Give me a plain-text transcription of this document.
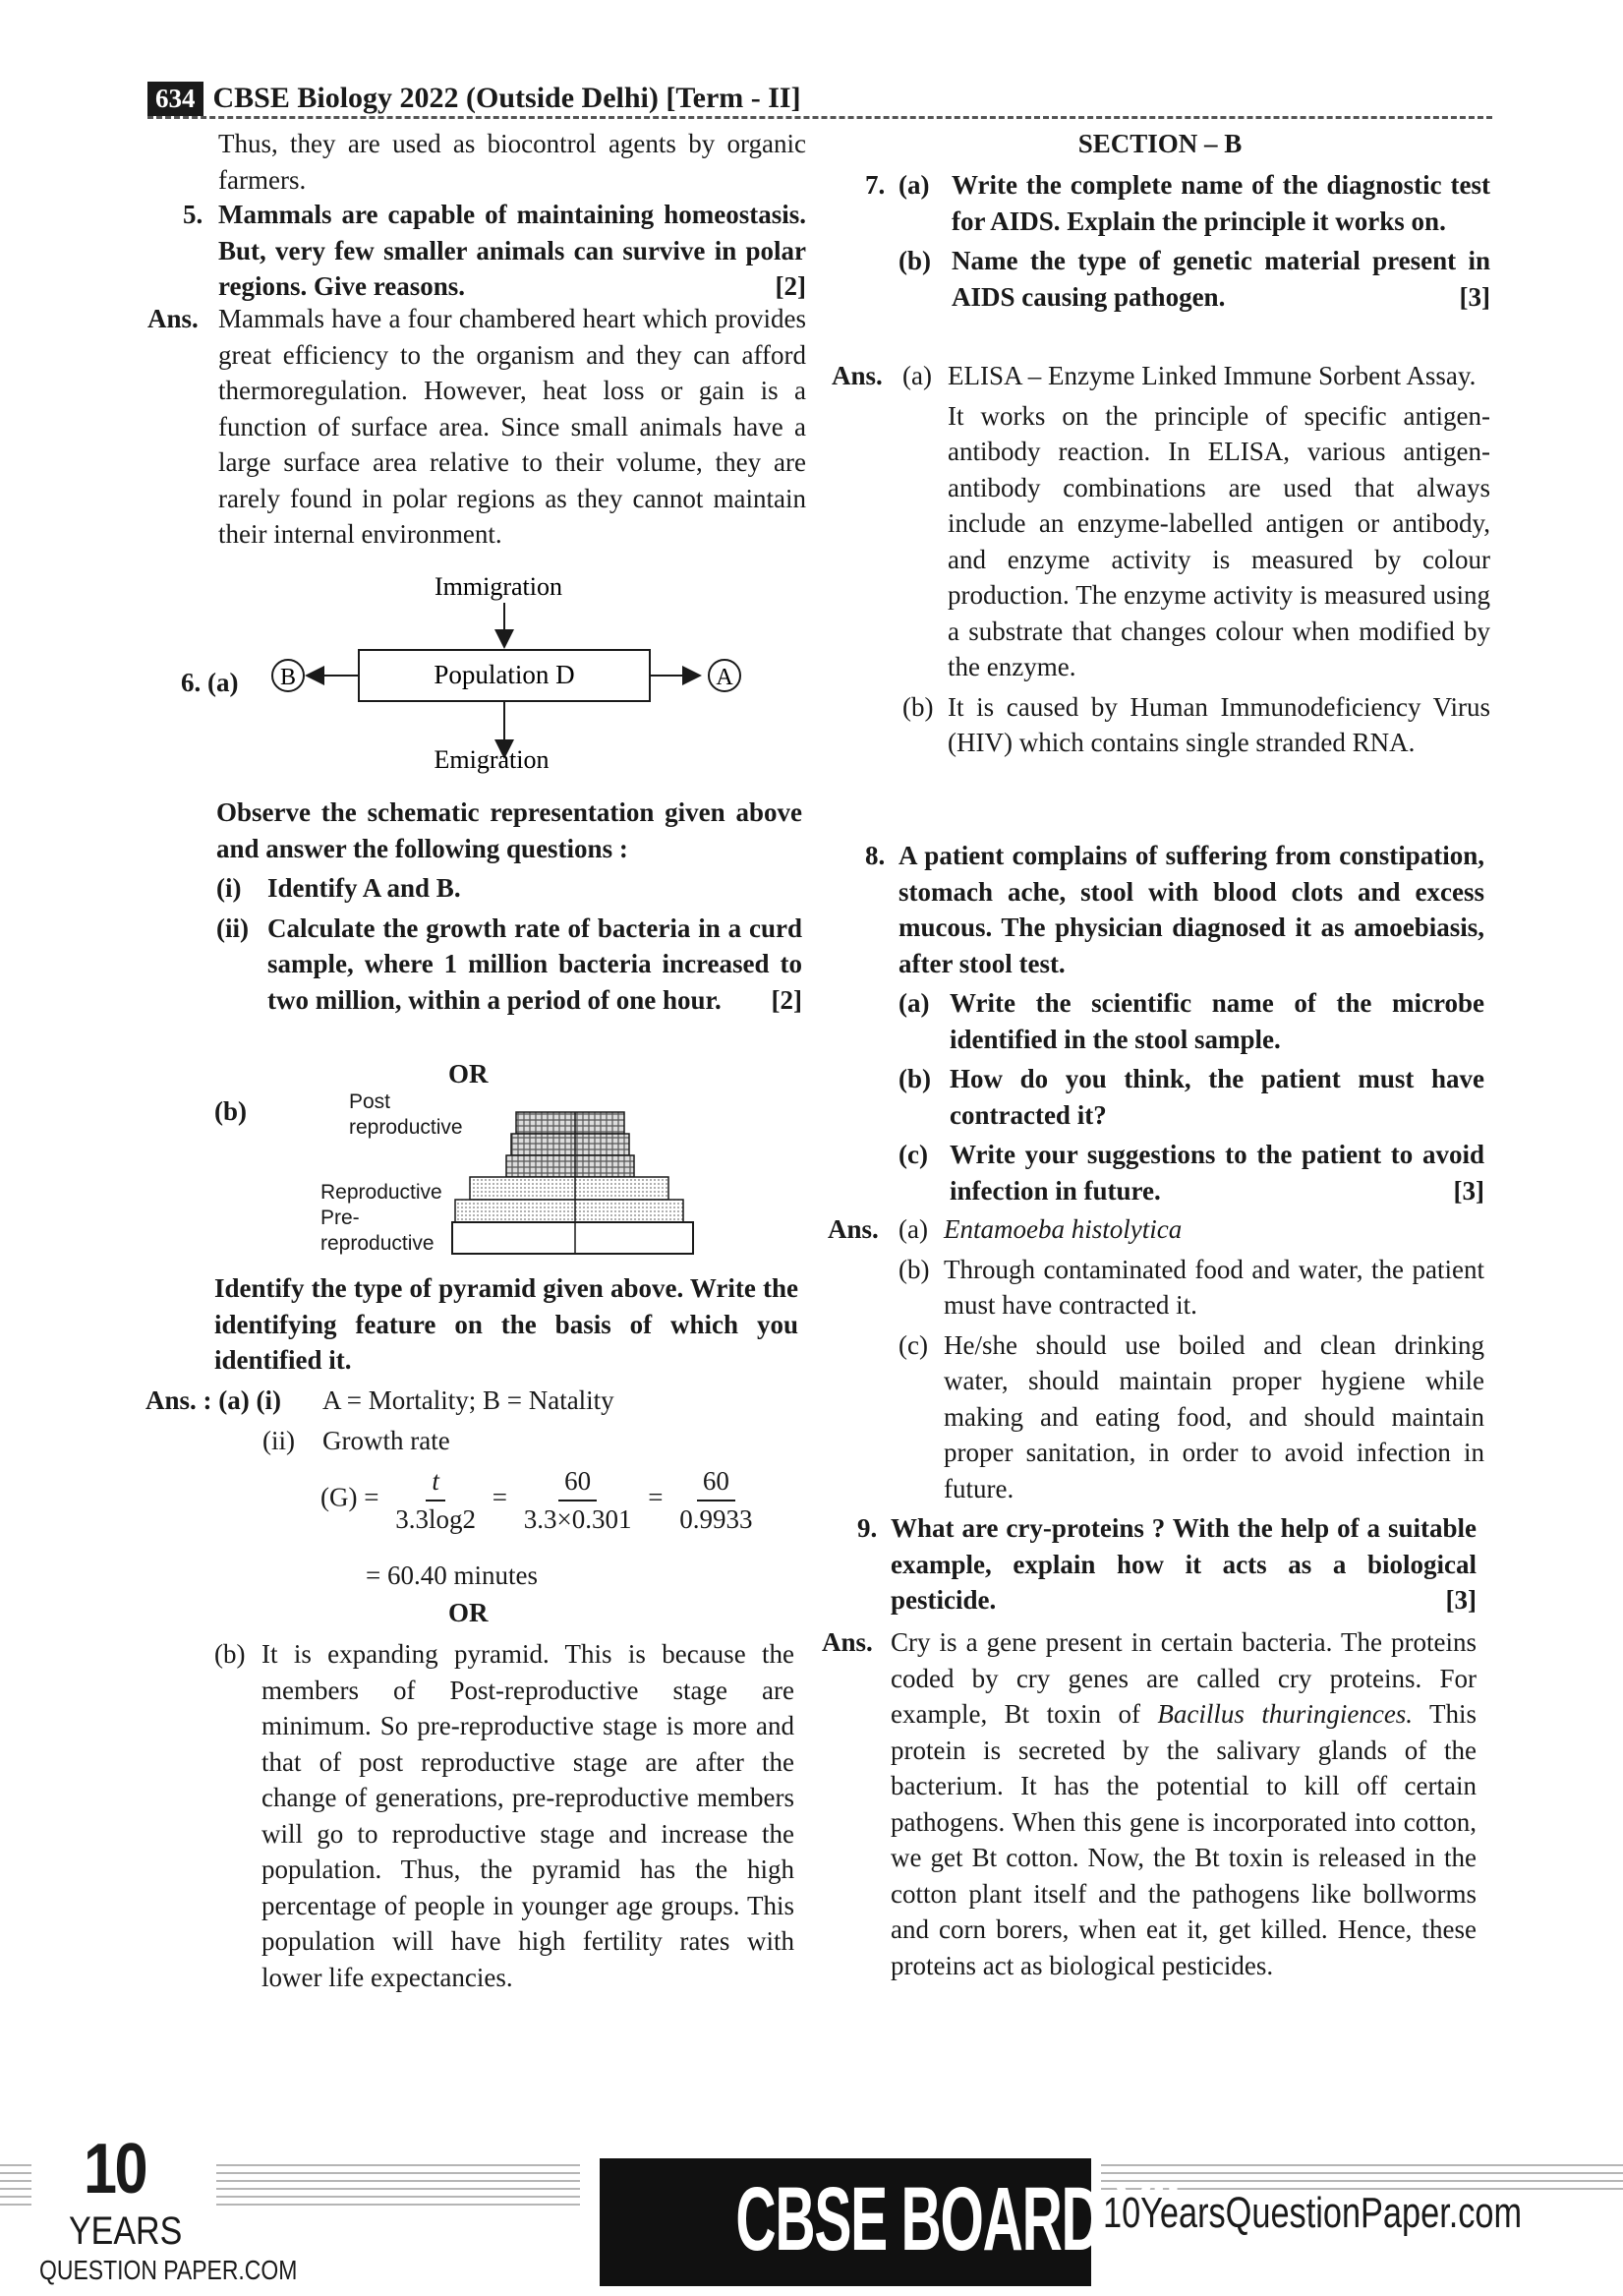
634 CBSE Biology 2022 (Outside Delhi) [Term - II]
Thus, they are used as biocontrol agents by organic farmers.
5. Mammals are capable of maintaining homeostasis. But, very few smaller animals can survive in polar regions. Give reasons.	[2]
Ans. Mammals have a four chambered heart which provides great efficiency to the organism and they can afford thermoregulation. However, heat loss or gain is a function of surface area. Since small animals have a large surface area relative to their volume, they are rarely found in polar regions as they cannot maintain their internal environment.
6. (a)
Immigration
Population D
B	A
Emigration
Observe the schematic representation given above and answer the following questions :
(i) Identify A and B.
(ii) Calculate the growth rate of bacteria in a curd sample, where 1 million bacteria increased to two million, within a period of one hour. [2]
OR
(b)	Post reproductive
Reproductive
Pre-reproductive
Identify the type of pyramid given above. Write the identifying feature on the basis of which you identified it.
Ans. : (a) (i)	A = Mortality; B = Natality
(ii)	Growth rate
$(G) = \frac{t}{3.3\log 2} = \frac{60}{3.3\times 0.301} = \frac{60}{0.9933}$
= 60.40 minutes
OR
(b) It is expanding pyramid. This is because the members of Post-reproductive stage are minimum. So pre-reproductive stage is more and that of post reproductive stage are after the change of generations, pre-reproductive members will go to reproductive stage and increase the population. Thus, the pyramid has the high percentage of people in younger age groups. This population will have high fertility rates with lower life expectancies.
SECTION – B
7. (a) Write the complete name of the diagnostic test for AIDS. Explain the principle it works on.
(b) Name the type of genetic material present in AIDS causing pathogen.	[3]
Ans. (a) ELISA – Enzyme Linked Immune Sorbent Assay.
It works on the principle of specific antigen-antibody reaction. In ELISA, various antigen-antibody combinations are used that always include an enzyme-labelled antigen or antibody, and enzyme activity is measured by colour production. The enzyme activity is measured using a substrate that changes colour when modified by the enzyme.
(b) It is caused by Human Immunodeficiency Virus (HIV) which contains single stranded RNA.
8. A patient complains of suffering from constipation, stomach ache, stool with blood clots and excess mucous. The physician diagnosed it as amoebiasis, after stool test.
(a) Write the scientific name of the microbe identified in the stool sample.
(b) How do you think, the patient must have contracted it?
(c) Write your suggestions to the patient to avoid infection in future.	[3]
Ans. (a) Entamoeba histolytica
(b) Through contaminated food and water, the patient must have contracted it.
(c) He/she should use boiled and clean drinking water, should maintain proper hygiene while making and eating food, and should maintain proper sanitation, in order to avoid infection in future.
9. What are cry-proteins ? With the help of a suitable example, explain how it acts as a biological pesticide.	[3]
Ans. Cry is a gene present in certain bacteria. The proteins coded by cry genes are called cry proteins. For example, Bt toxin of Bacillus thuringiences. This protein is secreted by the salivary glands of the bacterium. It has the potential to kill off certain pathogens. When this gene is incorporated into cotton, we get Bt cotton. Now, the Bt toxin is released in the cotton plant itself and the pathogens like bollworms and corn borers, when eat it, get killed. Hence, these proteins act as biological pesticides.
10
YEARS
QUESTION PAPER.COM
CBSE BOARD XII
10YearsQuestionPaper.com
